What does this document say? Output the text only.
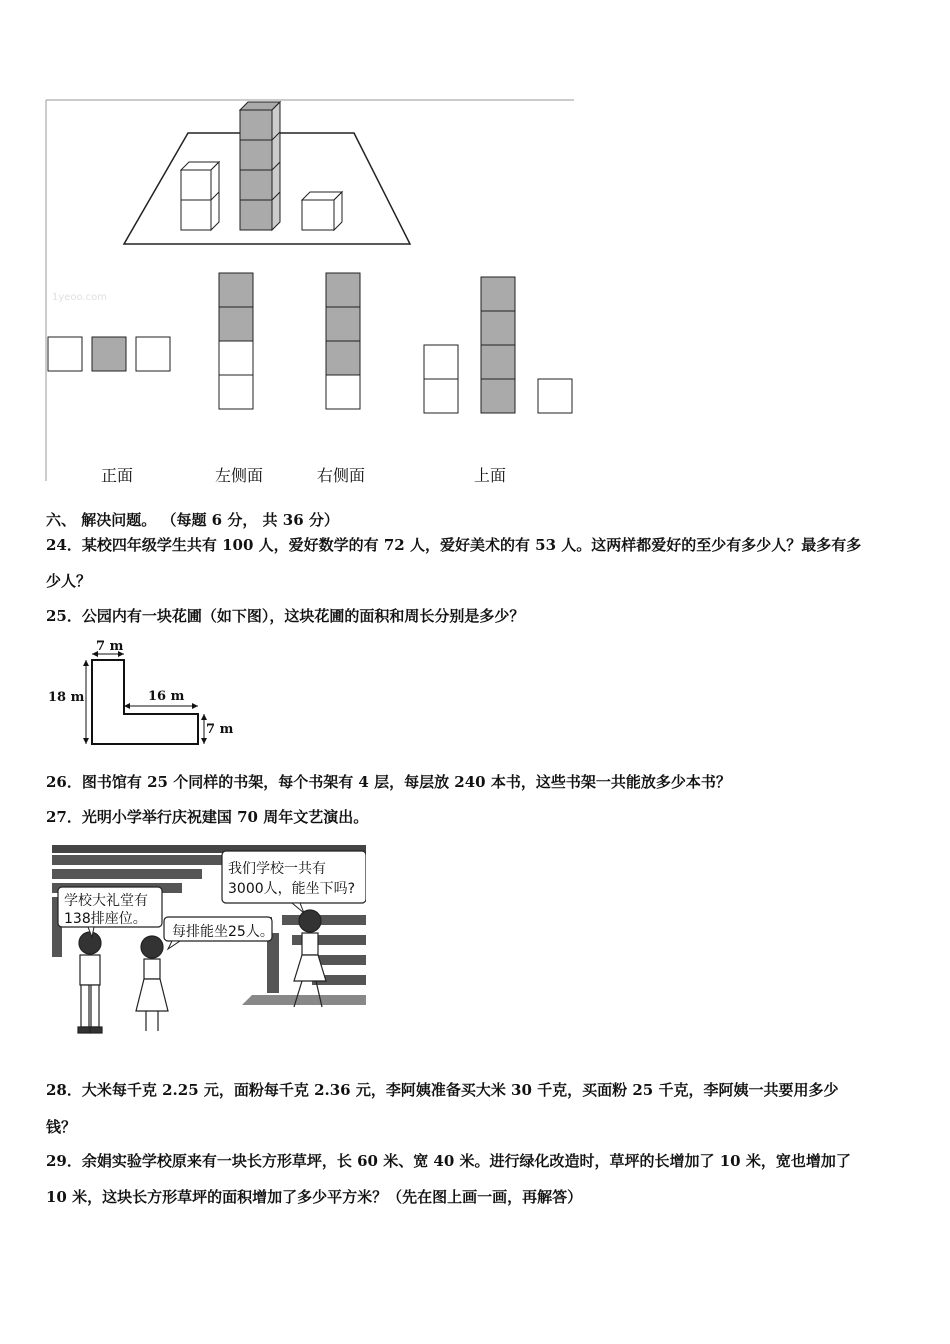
1yeoo.com
正面	左侧面	右侧面	上面
六、 解决问题。 （每题 6 分， 共 36 分）
24．某校四年级学生共有 100 人，爱好数学的有 72 人，爱好美术的有 53 人。这两样都爱好的至少有多少人？最多有多
少人？
25．公园内有一块花圃（如下图），这块花圃的面积和周长分别是多少？
7 m
18 m	16 m
7 m
26．图书馆有 25 个同样的书架，每个书架有 4 层，每层放 240 本书，这些书架一共能放多少本书？
27．光明小学举行庆祝建国 70 周年文艺演出。
学校大礼堂有
138排座位。
每排能坐25人。
我们学校一共有
3000人，能坐下吗?
28．大米每千克 2.25 元，面粉每千克 2.36 元，李阿姨准备买大米 30 千克，买面粉 25 千克，李阿姨一共要用多少
钱？
29．余娟实验学校原来有一块长方形草坪，长 60 米、宽 40 米。进行绿化改造时，草坪的长增加了 10 米，宽也增加了
10 米，这块长方形草坪的面积增加了多少平方米？（先在图上画一画，再解答）
